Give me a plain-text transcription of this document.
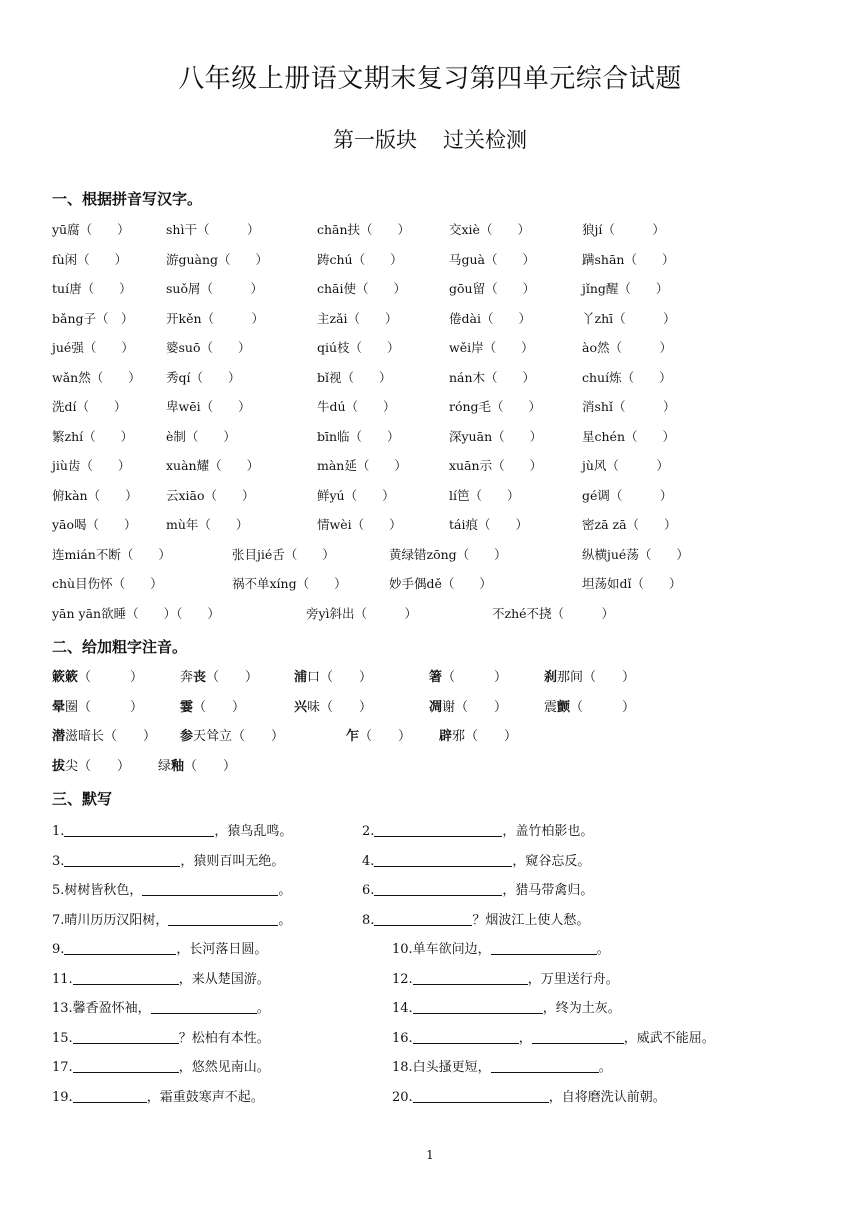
八年级上册语文期末复习第四单元综合试题
第一版块 过关检测
一、根据拼音写汉字。
yū腐（　　）	shì干（　　　）	chān扶（　　）	交xiè（　　）	狼jí（　　　）
fù闲（　　）	游guàng（　　）	踌chú（　　）	马guà（　　）	蹒shān（　　）
tuí唐（　　）	suǒ屑（　　　）	chāi使（　　）	gōu留（　　）	jǐng醒（　　）
bǎng子（　）	开kěn（　　　）	主zǎi（　　）	倦dài（　　）	丫zhī（　　　）
jué强（　　）	婆suō（　　）	qiú枝（　　）	wěi岸（　　）	ào然（　　　）
wǎn然（　　） 秀qí（　　）	bǐ视（　　）	nán木（　　）	chuí炼（　　）
洗dí（　　）	卑wēi（　　）	牛dú（　　）	róng毛（　　）	消shǐ（　　　）
繁zhí（　　）	è制（　　）	bīn临（　　）	深yuān（　　）	星chén（　　）
jiù齿（　　）	xuàn耀（　　）	màn延（　　）	xuān示（　　）	jù风（　　　）
俯kàn（　　） 云xiāo（　　）	鲜yú（　　）	lí笆（　　）	gé调（　　　）
yāo喝（　　） mù年（　　）	情wèi（　　）	tái痕（　　）	密zā zā（　　）
连mián不断（　　）	张目jié舌（　　）	黄绿错zōng（　　）	纵横jué荡（　　）
chù目伤怀（　　）	祸不单xíng（　　）	妙手偶dě（　　）	坦荡如dǐ（　　）
yān yān欲睡（　　）（　　）	旁yì斜出（　　　）	不zhé不挠（　　　）
二、给加粗字注音。
簌簌（　　　）	奔丧（　　）	浦口（　　）	箸（　　　）	刹那间（　　）
晕圈（　　　）	霎（　　）	兴味（　　）	凋谢（　　）	震颤（　　　）
潜滋暗长（　　） 参天耸立（　　）	乍（　　） 辟邪（　　）
拔尖（　　） 绿釉（　　）
三、默写
1.	，猿鸟乱鸣。	2.	，盖竹柏影也。
3.	，猿则百叫无绝。	4.	，窥谷忘反。
5.树树皆秋色，	。	6.	，猎马带禽归。
7.晴川历历汉阳树，	。	8.	？烟波江上使人愁。
9.	，长河落日圆。	10.单车欲问边，	。
11.	，来从楚国游。	12.	，万里送行舟。
13.馨香盈怀袖，	。	14.	，终为土灰。
15.	？松柏有本性。	16.	，	，威武不能屈。
17.	，悠然见南山。	18.白头搔更短，	。
19.	，霜重鼓寒声不起。	20.	，自将磨洗认前朝。
1
